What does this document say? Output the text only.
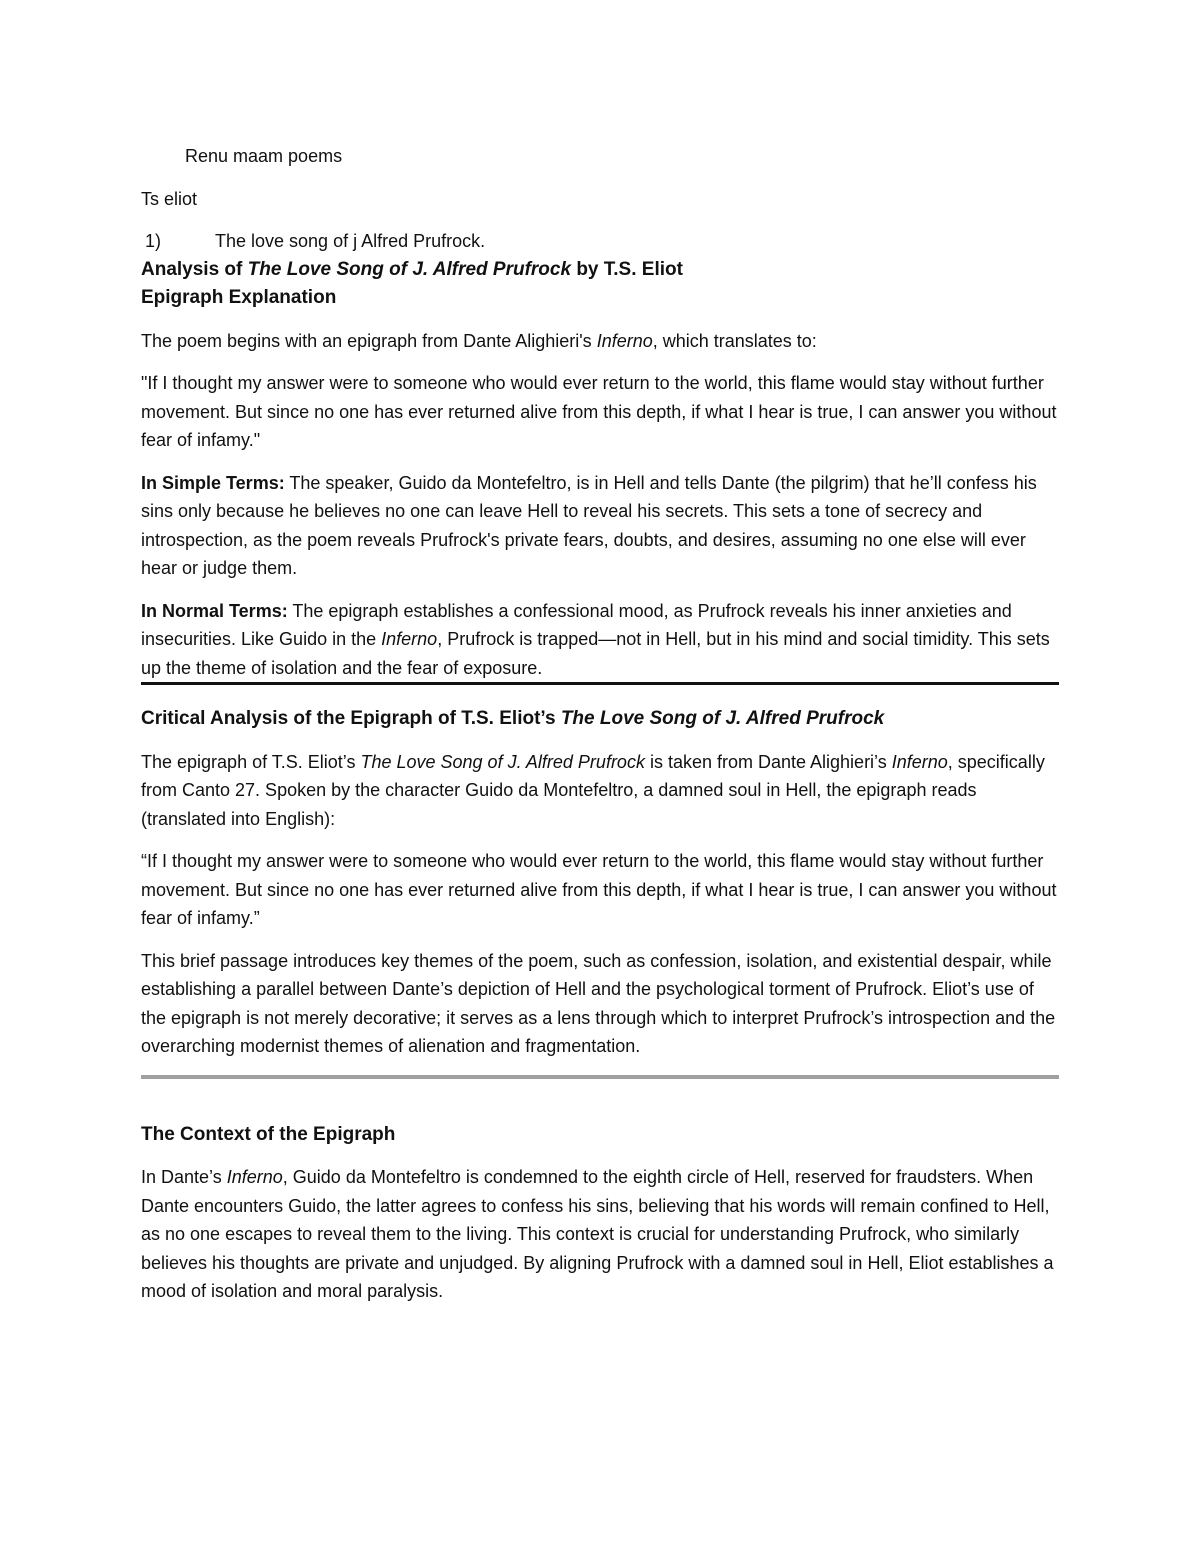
Renu maam poems

Ts eliot

1)	The love song of j Alfred Prufrock.
Analysis of The Love Song of J. Alfred Prufrock by T.S. Eliot
Epigraph Explanation

The poem begins with an epigraph from Dante Alighieri's Inferno, which translates to:

"If I thought my answer were to someone who would ever return to the world, this flame would stay without further movement. But since no one has ever returned alive from this depth, if what I hear is true, I can answer you without fear of infamy."

In Simple Terms: The speaker, Guido da Montefeltro, is in Hell and tells Dante (the pilgrim) that he’ll confess his sins only because he believes no one can leave Hell to reveal his secrets. This sets a tone of secrecy and introspection, as the poem reveals Prufrock's private fears, doubts, and desires, assuming no one else will ever hear or judge them.

In Normal Terms: The epigraph establishes a confessional mood, as Prufrock reveals his inner anxieties and insecurities. Like Guido in the Inferno, Prufrock is trapped—not in Hell, but in his mind and social timidity. This sets up the theme of isolation and the fear of exposure.

Critical Analysis of the Epigraph of T.S. Eliot’s The Love Song of J. Alfred Prufrock

The epigraph of T.S. Eliot’s The Love Song of J. Alfred Prufrock is taken from Dante Alighieri’s Inferno, specifically from Canto 27. Spoken by the character Guido da Montefeltro, a damned soul in Hell, the epigraph reads (translated into English):

“If I thought my answer were to someone who would ever return to the world, this flame would stay without further movement. But since no one has ever returned alive from this depth, if what I hear is true, I can answer you without fear of infamy.”

This brief passage introduces key themes of the poem, such as confession, isolation, and existential despair, while establishing a parallel between Dante’s depiction of Hell and the psychological torment of Prufrock. Eliot’s use of the epigraph is not merely decorative; it serves as a lens through which to interpret Prufrock’s introspection and the overarching modernist themes of alienation and fragmentation.

The Context of the Epigraph

In Dante’s Inferno, Guido da Montefeltro is condemned to the eighth circle of Hell, reserved for fraudsters. When Dante encounters Guido, the latter agrees to confess his sins, believing that his words will remain confined to Hell, as no one escapes to reveal them to the living. This context is crucial for understanding Prufrock, who similarly believes his thoughts are private and unjudged. By aligning Prufrock with a damned soul in Hell, Eliot establishes a mood of isolation and moral paralysis.
